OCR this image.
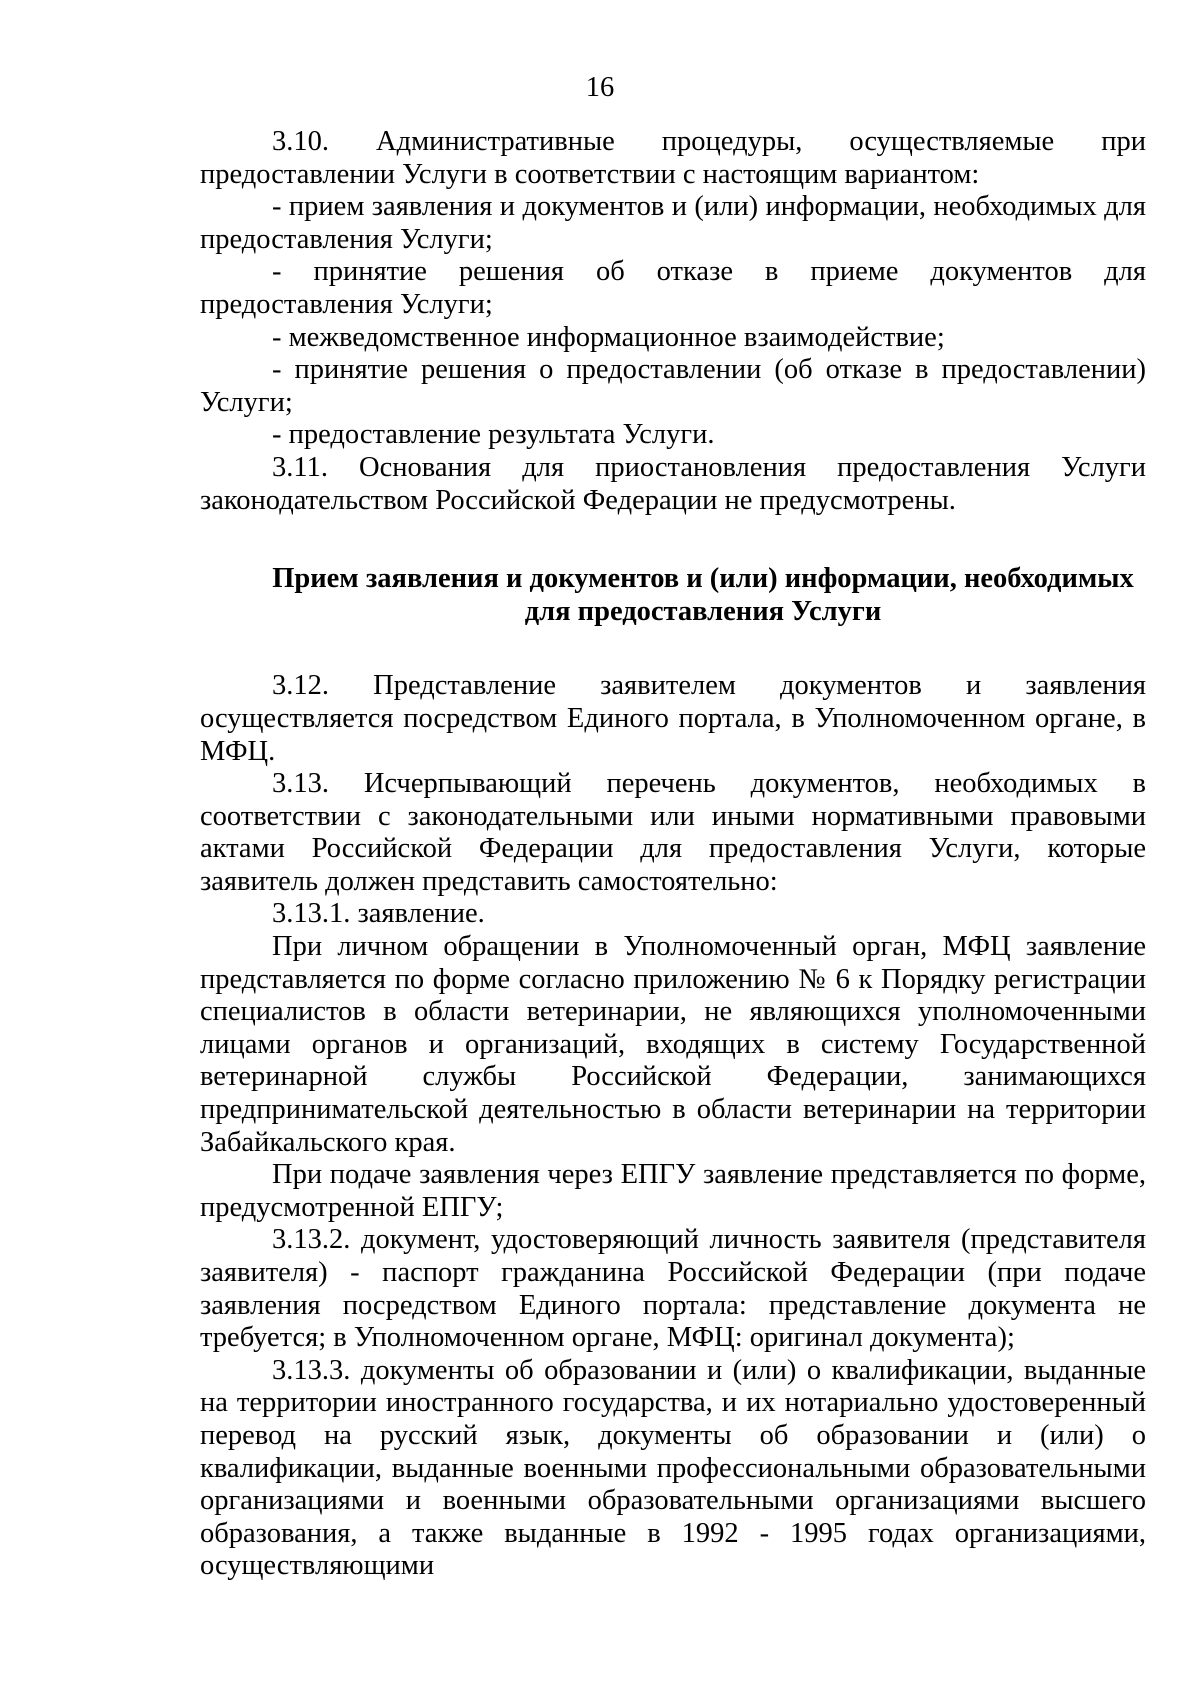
16

3.10. Административные процедуры, осуществляемые при предоставлении Услуги в соответствии с настоящим вариантом:

- прием заявления и документов и (или) информации, необходимых для предоставления Услуги;

- принятие решения об отказе в приеме документов для предоставления Услуги;

- межведомственное информационное взаимодействие;

- принятие решения о предоставлении (об отказе в предоставлении) Услуги;

- предоставление результата Услуги.

3.11. Основания для приостановления предоставления Услуги законодательством Российской Федерации не предусмотрены.

Прием заявления и документов и (или) информации, необходимых
для предоставления Услуги

3.12. Представление заявителем документов и заявления осуществляется посредством Единого портала, в Уполномоченном органе, в МФЦ.

3.13. Исчерпывающий перечень документов, необходимых в соответствии с законодательными или иными нормативными правовыми актами Российской Федерации для предоставления Услуги, которые заявитель должен представить самостоятельно:

3.13.1. заявление.

При личном обращении в Уполномоченный орган, МФЦ заявление представляется по форме согласно приложению № 6 к Порядку регистрации специалистов в области ветеринарии, не являющихся уполномоченными лицами органов и организаций, входящих в систему Государственной ветеринарной службы Российской Федерации, занимающихся предпринимательской деятельностью в области ветеринарии на территории Забайкальского края.

При подаче заявления через ЕПГУ заявление представляется по форме, предусмотренной ЕПГУ;

3.13.2. документ, удостоверяющий личность заявителя (представителя заявителя) - паспорт гражданина Российской Федерации (при подаче заявления посредством Единого портала: представление документа не требуется; в Уполномоченном органе, МФЦ: оригинал документа);

3.13.3. документы об образовании и (или) о квалификации, выданные на территории иностранного государства, и их нотариально удостоверенный перевод на русский язык, документы об образовании и (или) о квалификации, выданные военными профессиональными образовательными организациями и военными образовательными организациями высшего образования, а также выданные в 1992 - 1995 годах организациями, осуществляющими
